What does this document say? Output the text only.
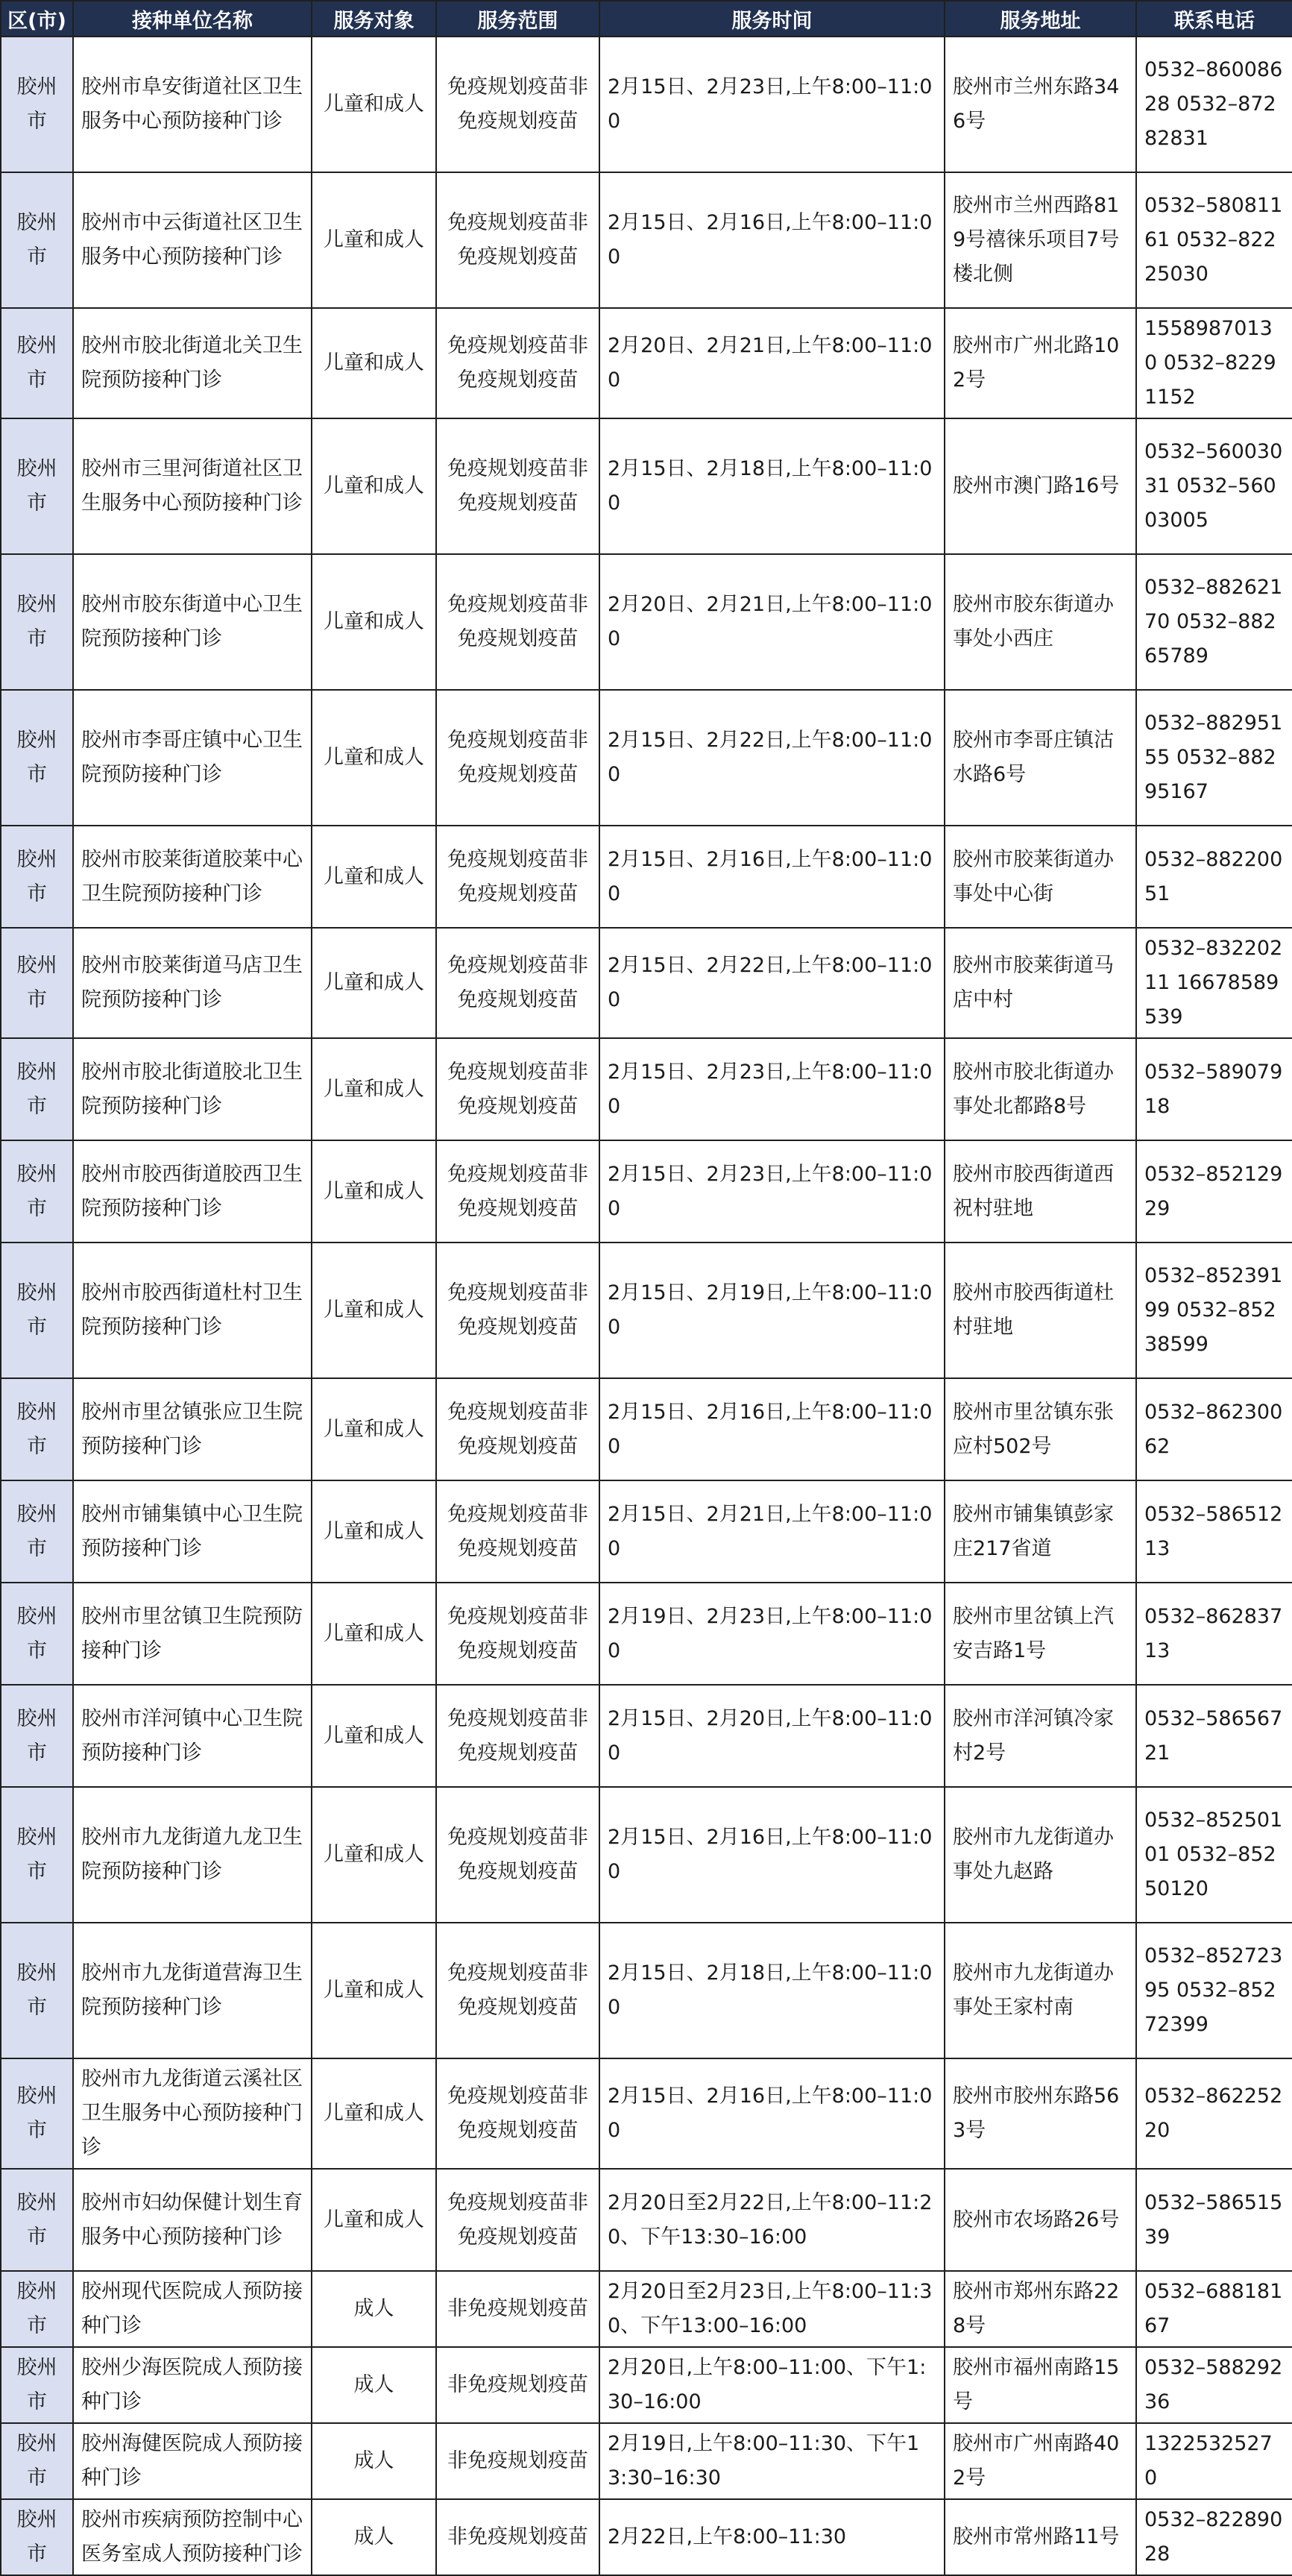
区(市)	接种单位名称	服务对象	服务范围	服务时间	服务地址	联系电话
胶州市	胶州市阜安街道社区卫生服务中心预防接种门诊	儿童和成人	免疫规划疫苗非免疫规划疫苗	2月15日、2月23日,上午8:00–11:00	胶州市兰州东路346号	0532–86008628 0532–87282831
胶州市	胶州市中云街道社区卫生服务中心预防接种门诊	儿童和成人	免疫规划疫苗非免疫规划疫苗	2月15日、2月16日,上午8:00–11:00	胶州市兰州西路819号禧徕乐项目7号楼北侧	0532–58081161 0532–82225030
胶州市	胶州市胶北街道北关卫生院预防接种门诊	儿童和成人	免疫规划疫苗非免疫规划疫苗	2月20日、2月21日,上午8:00–11:00	胶州市广州北路102号	15589870130 0532–82291152
胶州市	胶州市三里河街道社区卫生服务中心预防接种门诊	儿童和成人	免疫规划疫苗非免疫规划疫苗	2月15日、2月18日,上午8:00–11:00	胶州市澳门路16号	0532–56003031 0532–56003005
胶州市	胶州市胶东街道中心卫生院预防接种门诊	儿童和成人	免疫规划疫苗非免疫规划疫苗	2月20日、2月21日,上午8:00–11:00	胶州市胶东街道办事处小西庄	0532–88262170 0532–88265789
胶州市	胶州市李哥庄镇中心卫生院预防接种门诊	儿童和成人	免疫规划疫苗非免疫规划疫苗	2月15日、2月22日,上午8:00–11:00	胶州市李哥庄镇沽水路6号	0532–88295155 0532–88295167
胶州市	胶州市胶莱街道胶莱中心卫生院预防接种门诊	儿童和成人	免疫规划疫苗非免疫规划疫苗	2月15日、2月16日,上午8:00–11:00	胶州市胶莱街道办事处中心街	0532–88220051
胶州市	胶州市胶莱街道马店卫生院预防接种门诊	儿童和成人	免疫规划疫苗非免疫规划疫苗	2月15日、2月22日,上午8:00–11:00	胶州市胶莱街道马店中村	0532–83220211 16678589539
胶州市	胶州市胶北街道胶北卫生院预防接种门诊	儿童和成人	免疫规划疫苗非免疫规划疫苗	2月15日、2月23日,上午8:00–11:00	胶州市胶北街道办事处北都路8号	0532–58907918
胶州市	胶州市胶西街道胶西卫生院预防接种门诊	儿童和成人	免疫规划疫苗非免疫规划疫苗	2月15日、2月23日,上午8:00–11:00	胶州市胶西街道西祝村驻地	0532–85212929
胶州市	胶州市胶西街道杜村卫生院预防接种门诊	儿童和成人	免疫规划疫苗非免疫规划疫苗	2月15日、2月19日,上午8:00–11:00	胶州市胶西街道杜村驻地	0532–85239199 0532–85238599
胶州市	胶州市里岔镇张应卫生院预防接种门诊	儿童和成人	免疫规划疫苗非免疫规划疫苗	2月15日、2月16日,上午8:00–11:00	胶州市里岔镇东张应村502号	0532–86230062
胶州市	胶州市铺集镇中心卫生院预防接种门诊	儿童和成人	免疫规划疫苗非免疫规划疫苗	2月15日、2月21日,上午8:00–11:00	胶州市铺集镇彭家庄217省道	0532–58651213
胶州市	胶州市里岔镇卫生院预防接种门诊	儿童和成人	免疫规划疫苗非免疫规划疫苗	2月19日、2月23日,上午8:00–11:00	胶州市里岔镇上汽安吉路1号	0532–86283713
胶州市	胶州市洋河镇中心卫生院预防接种门诊	儿童和成人	免疫规划疫苗非免疫规划疫苗	2月15日、2月20日,上午8:00–11:00	胶州市洋河镇冷家村2号	0532–58656721
胶州市	胶州市九龙街道九龙卫生院预防接种门诊	儿童和成人	免疫规划疫苗非免疫规划疫苗	2月15日、2月16日,上午8:00–11:00	胶州市九龙街道办事处九赵路	0532–85250101 0532–85250120
胶州市	胶州市九龙街道营海卫生院预防接种门诊	儿童和成人	免疫规划疫苗非免疫规划疫苗	2月15日、2月18日,上午8:00–11:00	胶州市九龙街道办事处王家村南	0532–85272395 0532–85272399
胶州市	胶州市九龙街道云溪社区卫生服务中心预防接种门诊	儿童和成人	免疫规划疫苗非免疫规划疫苗	2月15日、2月16日,上午8:00–11:00	胶州市胶州东路563号	0532–86225220
胶州市	胶州市妇幼保健计划生育服务中心预防接种门诊	儿童和成人	免疫规划疫苗非免疫规划疫苗	2月20日至2月22日,上午8:00–11:20、下午13:30–16:00	胶州市农场路26号	0532–58651539
胶州市	胶州现代医院成人预防接种门诊	成人	非免疫规划疫苗	2月20日至2月23日,上午8:00–11:30、下午13:00–16:00	胶州市郑州东路228号	0532–68818167
胶州市	胶州少海医院成人预防接种门诊	成人	非免疫规划疫苗	2月20日,上午8:00–11:00、下午1:30–16:00	胶州市福州南路15号	0532–58829236
胶州市	胶州海健医院成人预防接种门诊	成人	非免疫规划疫苗	2月19日,上午8:00–11:30、下午13:30–16:30	胶州市广州南路402号	13225325270
胶州市	胶州市疾病预防控制中心医务室成人预防接种门诊	成人	非免疫规划疫苗	2月22日,上午8:00–11:30	胶州市常州路11号	0532–82289028
